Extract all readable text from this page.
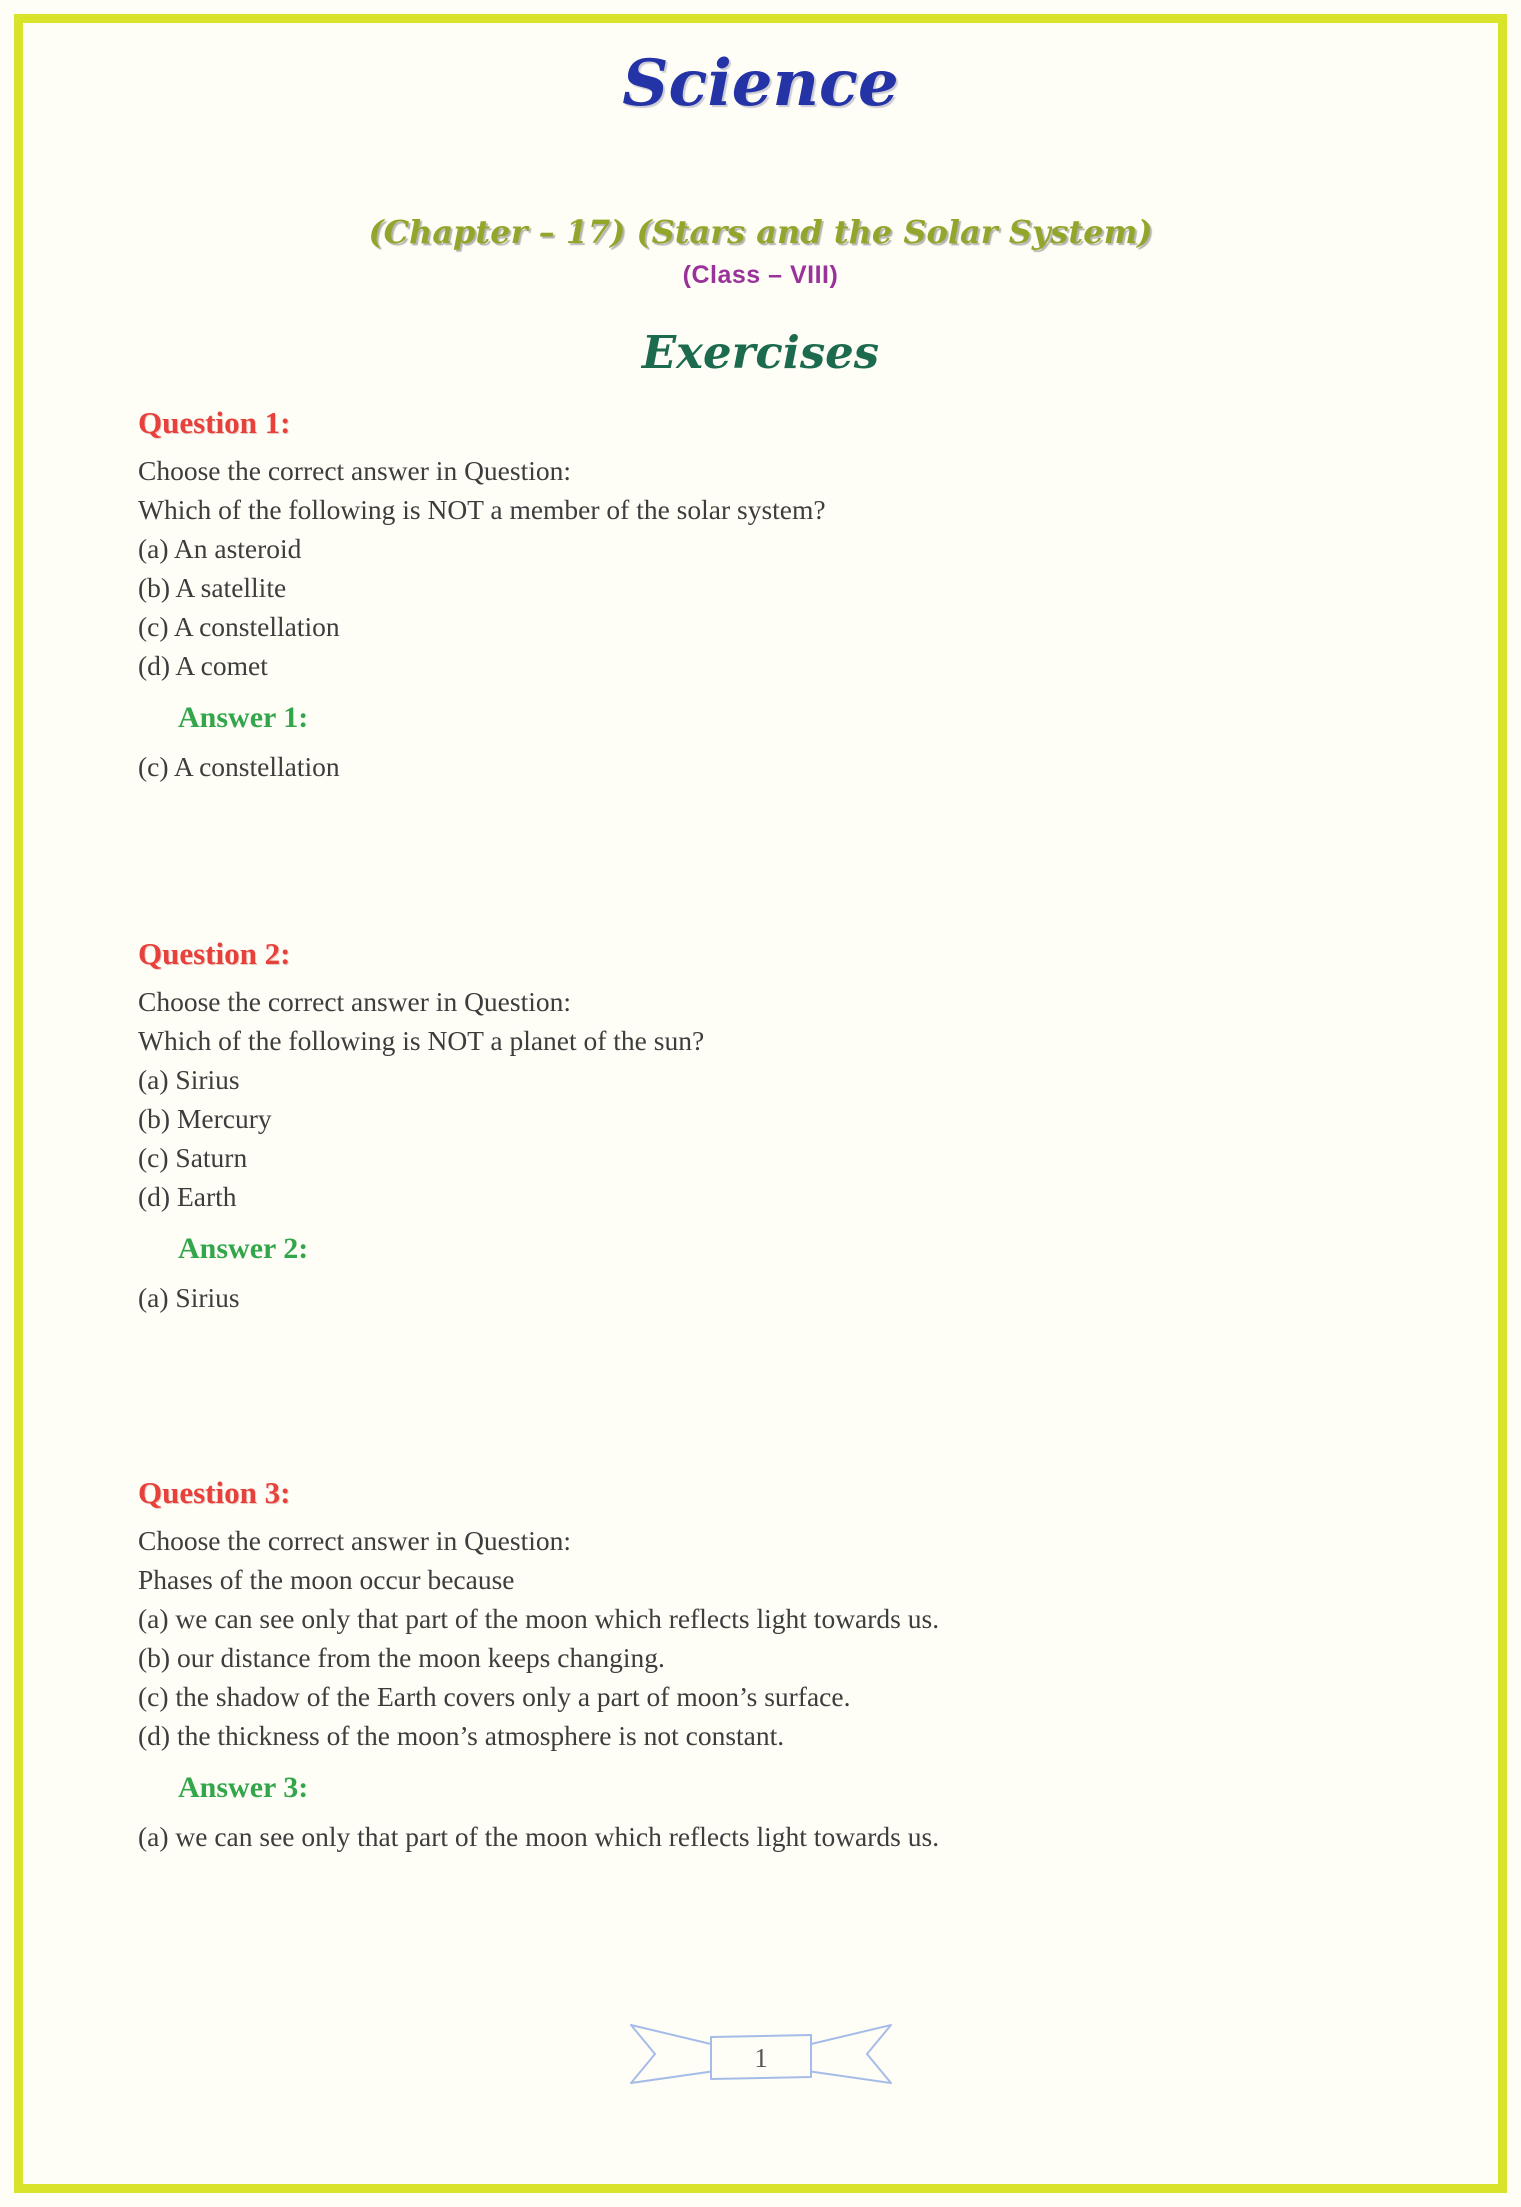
Science
(Chapter – 17) (Stars and the Solar System)
(Class – VIII)
Exercises
Question 1:

Choose the correct answer in Question:

Which of the following is NOT a member of the solar system?

(a) An asteroid

(b) A satellite

(c) A constellation

(d) A comet

Answer 1:

(c) A constellation

Question 2:

Choose the correct answer in Question:

Which of the following is NOT a planet of the sun?

(a) Sirius

(b) Mercury

(c) Saturn

(d) Earth

Answer 2:

(a) Sirius

Question 3:

Choose the correct answer in Question:

Phases of the moon occur because

(a) we can see only that part of the moon which reflects light towards us.

(b) our distance from the moon keeps changing.

(c) the shadow of the Earth covers only a part of moon’s surface.

(d) the thickness of the moon’s atmosphere is not constant.

Answer 3:

(a) we can see only that part of the moon which reflects light towards us.

1
